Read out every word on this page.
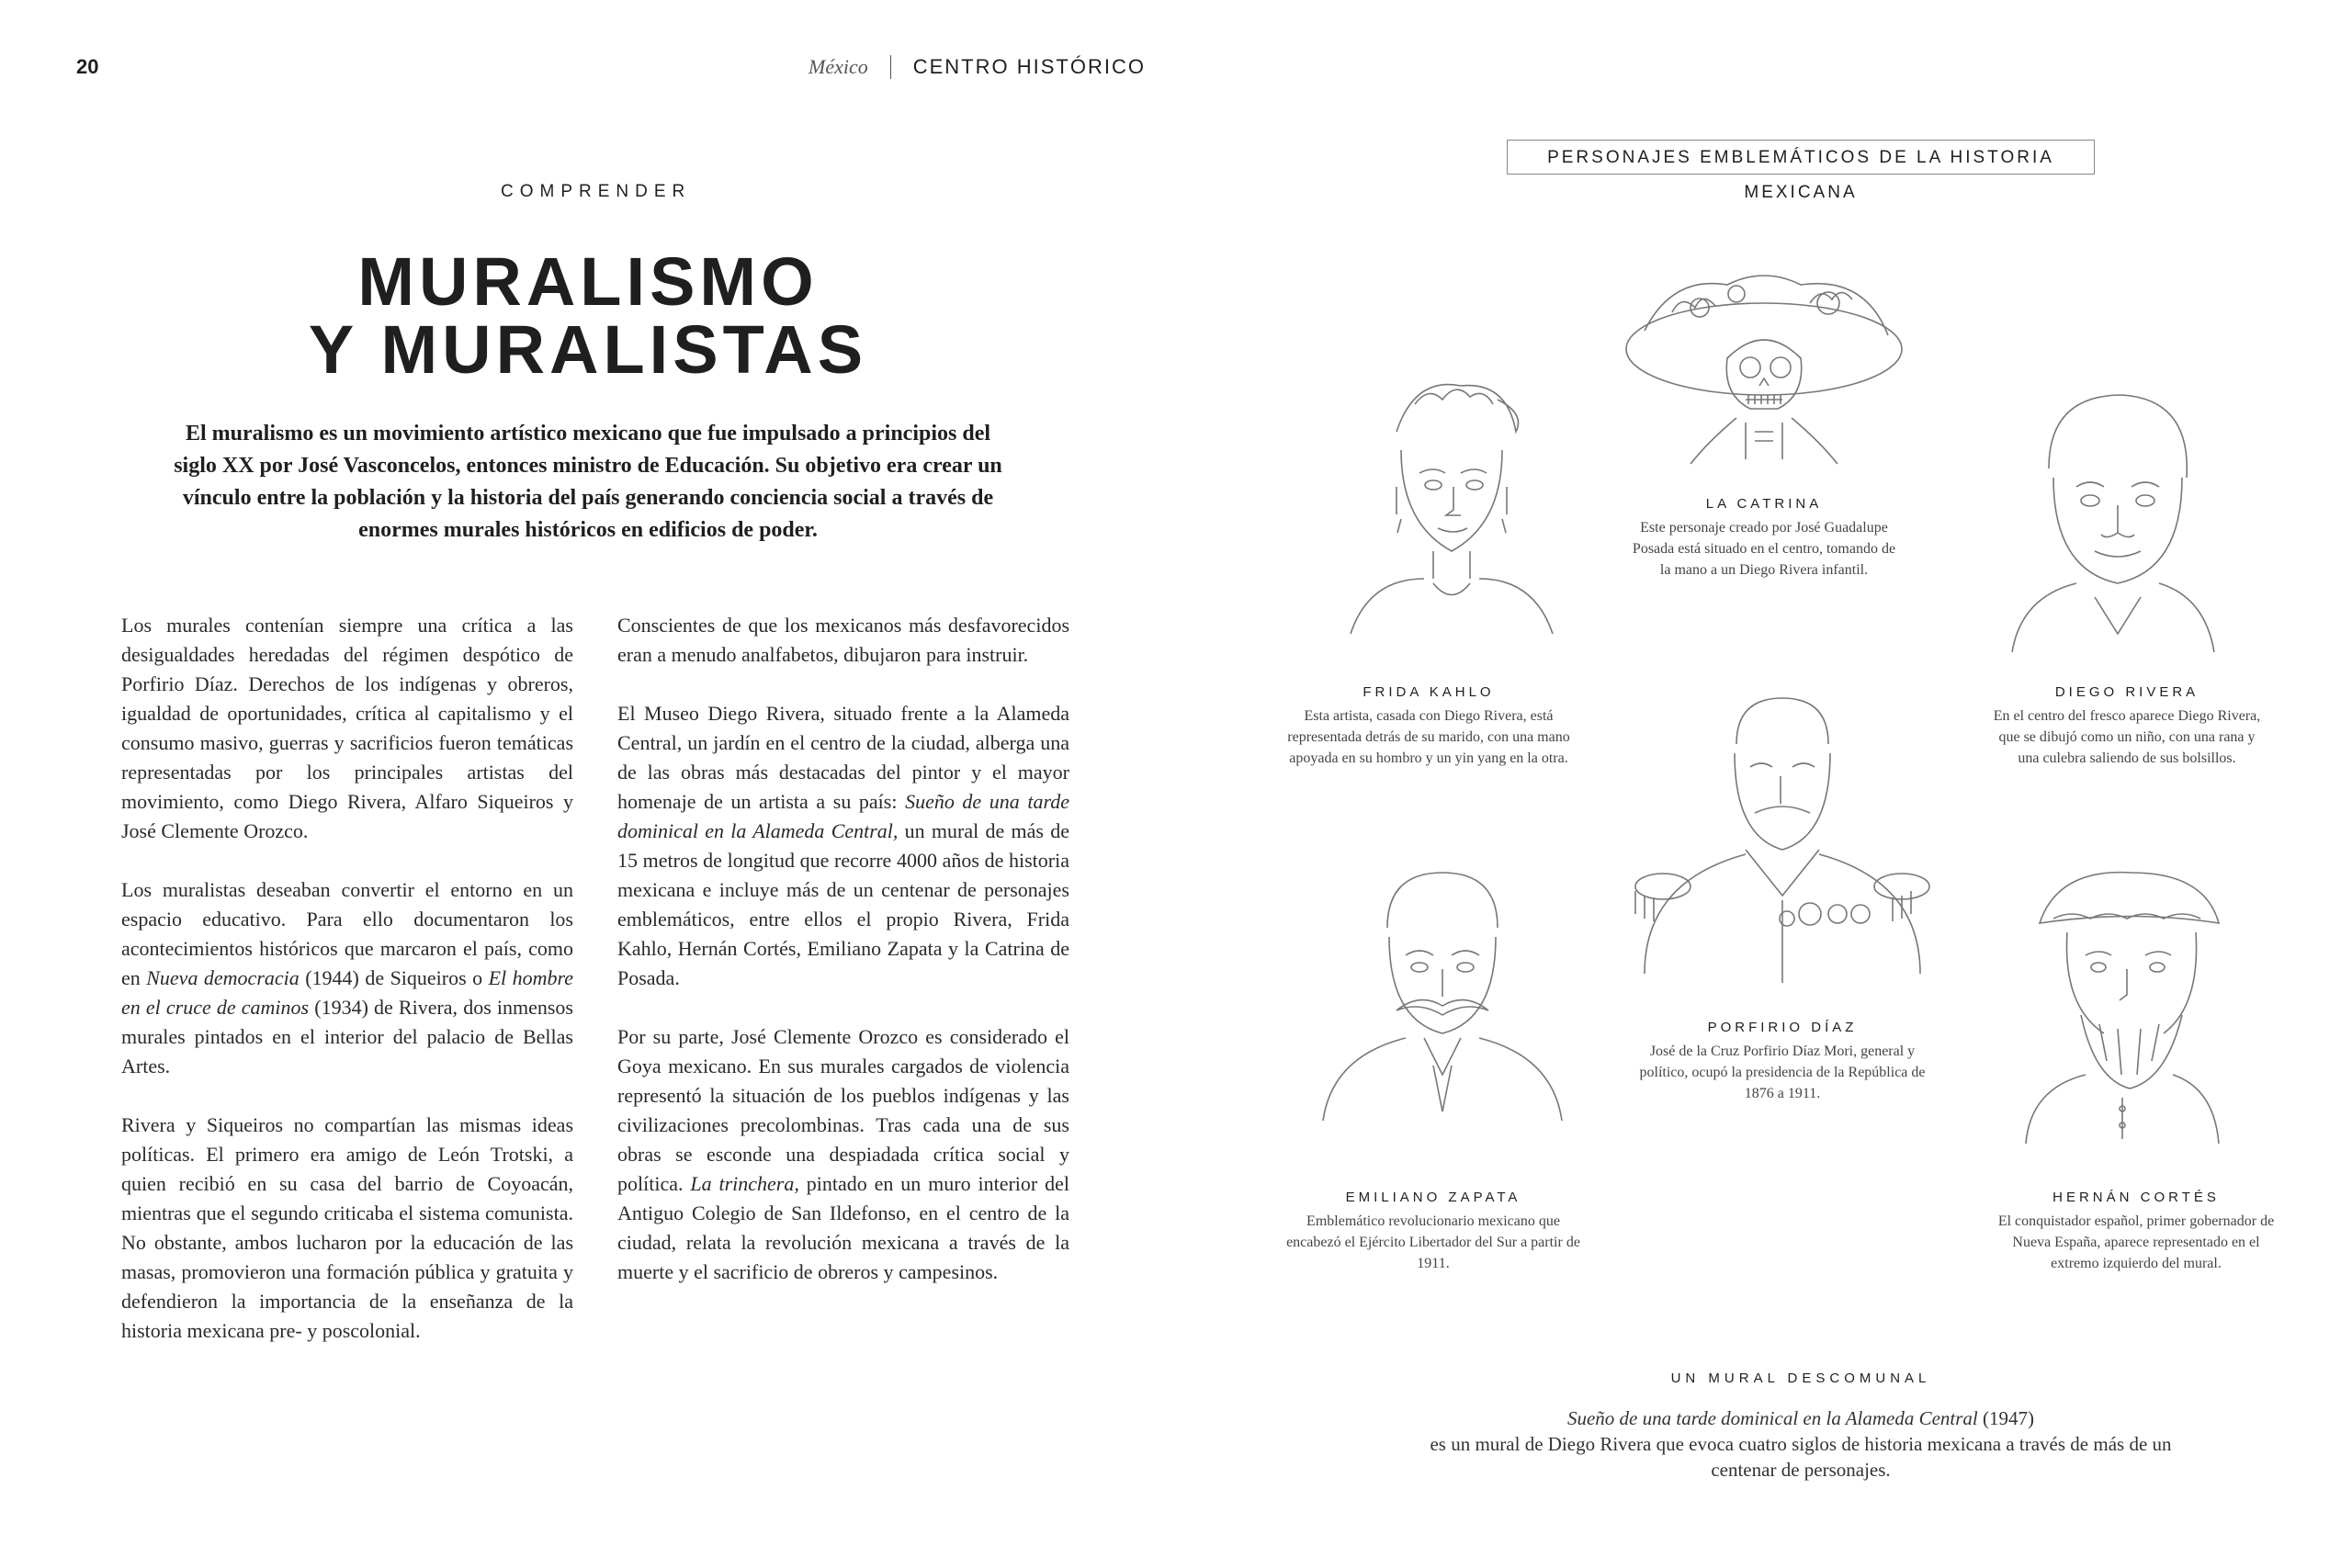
20	México CENTRO HISTÓRICO
COMPRENDER
MURALISMO
Y MURALISTAS
El muralismo es un movimiento artístico mexicano que fue impulsado a principios del siglo XX por José Vasconcelos, entonces ministro de Educación. Su objetivo era crear un vínculo entre la población y la historia del país generando conciencia social a través de enormes murales históricos en edificios de poder.

Los murales contenían siempre una crítica a las desigualdades heredadas del régimen despótico de Porfirio Díaz. Derechos de los indígenas y obreros, igualdad de oportunidades, crítica al capitalismo y el consumo masivo, guerras y sacrificios fueron temáticas representadas por los principales artistas del movimiento, como Diego Rivera, Alfaro Siqueiros y José Clemente Orozco.

Los muralistas deseaban convertir el entorno en un espacio educativo. Para ello documentaron los acontecimientos históricos que marcaron el país, como en Nueva democracia (1944) de Siqueiros o El hombre en el cruce de caminos (1934) de Rivera, dos inmensos murales pintados en el interior del palacio de Bellas Artes.

Rivera y Siqueiros no compartían las mismas ideas políticas. El primero era amigo de León Trotski, a quien recibió en su casa del barrio de Coyoacán, mientras que el segundo criticaba el sistema comunista. No obstante, ambos lucharon por la educación de las masas, promovieron una formación pública y gratuita y defendieron la importancia de la enseñanza de la historia mexicana pre- y poscolonial.

Conscientes de que los mexicanos más desfavorecidos eran a menudo analfabetos, dibujaron para instruir.

El Museo Diego Rivera, situado frente a la Alameda Central, un jardín en el centro de la ciudad, alberga una de las obras más destacadas del pintor y el mayor homenaje de un artista a su país: Sueño de una tarde dominical en la Alameda Central, un mural de más de 15 metros de longitud que recorre 4000 años de historia mexicana e incluye más de un centenar de personajes emblemáticos, entre ellos el propio Rivera, Frida Kahlo, Hernán Cortés, Emiliano Zapata y la Catrina de Posada.

Por su parte, José Clemente Orozco es considerado el Goya mexicano. En sus murales cargados de violencia representó la situación de los pueblos indígenas y las civilizaciones precolombinas. Tras cada una de sus obras se esconde una despiadada crítica social y política. La trinchera, pintado en un muro interior del Antiguo Colegio de San Ildefonso, en el centro de la ciudad, relata la revolución mexicana a través de la muerte y el sacrificio de obreros y campesinos.

PERSONAJES EMBLEMÁTICOS DE LA HISTORIA MEXICANA
LA CATRINA
Este personaje creado por José Guadalupe Posada está situado en el centro, tomando de la mano a un Diego Rivera infantil.
FRIDA KAHLO
Esta artista, casada con Diego Rivera, está representada detrás de su marido, con una mano apoyada en su hombro y un yin yang en la otra.
DIEGO RIVERA
En el centro del fresco aparece Diego Rivera, que se dibujó como un niño, con una rana y una culebra saliendo de sus bolsillos.
PORFIRIO DÍAZ
José de la Cruz Porfirio Díaz Mori, general y político, ocupó la presidencia de la República de 1876 a 1911.
EMILIANO ZAPATA
Emblemático revolucionario mexicano que encabezó el Ejército Libertador del Sur a partir de 1911.
HERNÁN CORTÉS
El conquistador español, primer gobernador de Nueva España, aparece representado en el extremo izquierdo del mural.
UN MURAL DESCOMUNAL
Sueño de una tarde dominical en la Alameda Central (1947)
es un mural de Diego Rivera que evoca cuatro siglos de historia mexicana a través de más de un centenar de personajes.
